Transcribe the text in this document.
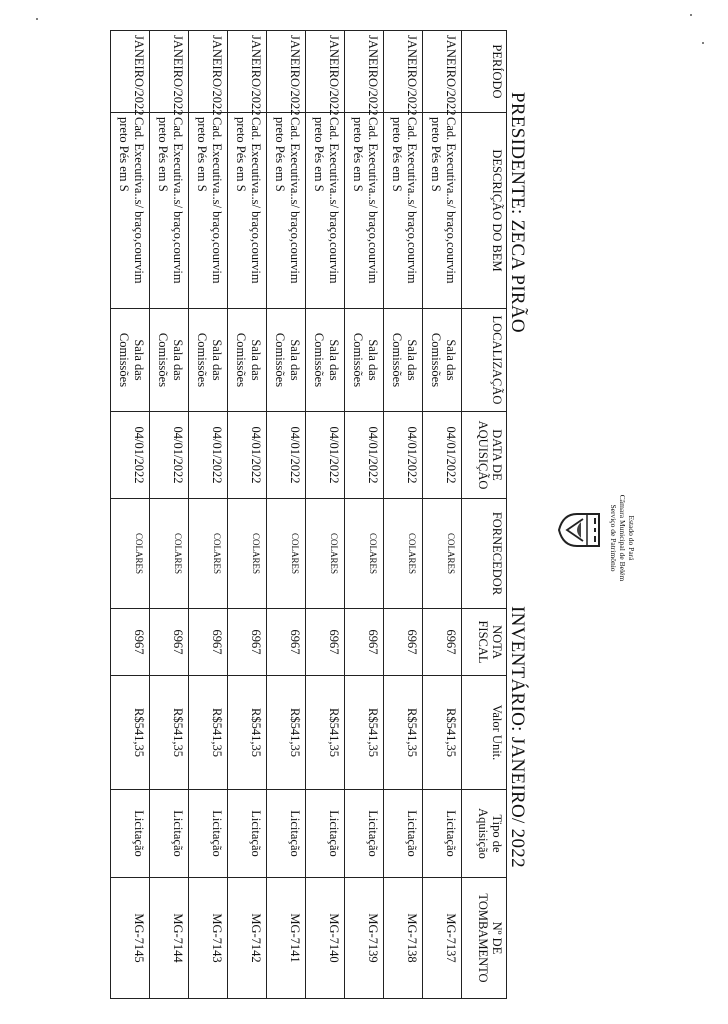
PRESIDENTE: ZECA PIRÃO
Estado do Pará
Câmara Municipal de Belém
Serviço de Patrimônio
INVENTÁRIO: JANEIRO/ 2022
PERÍODO	DESCRIÇÃO DO BEM	LOCALIZAÇÃO	DATA DE AQUISIÇÃO	FORNECEDOR	NOTA FISCAL	Valor Unit.	Tipo de Aquisição	Nº DE TOMBAMENTO
JANEIRO/2022	Cad. Executiva..s/ braço,courvim preto Pés em S	Sala das Comissões	04/01/2022	COLARES	6967	R$541,35	Licitação	MG-7137
JANEIRO/2022	Cad. Executiva..s/ braço,courvim preto Pés em S	Sala das Comissões	04/01/2022	COLARES	6967	R$541,35	Licitação	MG-7138
JANEIRO/2022	Cad. Executiva..s/ braço,courvim preto Pés em S	Sala das Comissões	04/01/2022	COLARES	6967	R$541,35	Licitação	MG-7139
JANEIRO/2022	Cad. Executiva..s/ braço,courvim preto Pés em S	Sala das Comissões	04/01/2022	COLARES	6967	R$541,35	Licitação	MG-7140
JANEIRO/2022	Cad. Executiva..s/ braço,courvim preto Pés em S	Sala das Comissões	04/01/2022	COLARES	6967	R$541,35	Licitação	MG-7141
JANEIRO/2022	Cad. Executiva..s/ braço,courvim preto Pés em S	Sala das Comissões	04/01/2022	COLARES	6967	R$541,35	Licitação	MG-7142
JANEIRO/2022	Cad. Executiva..s/ braço,courvim preto Pés em S	Sala das Comissões	04/01/2022	COLARES	6967	R$541,35	Licitação	MG-7143
JANEIRO/2022	Cad. Executiva..s/ braço,courvim preto Pés em S	Sala das Comissões	04/01/2022	COLARES	6967	R$541,35	Licitação	MG-7144
JANEIRO/2022	Cad. Executiva..s/ braço,courvim preto Pés em S	Sala das Comissões	04/01/2022	COLARES	6967	R$541,35	Licitação	MG-7145
